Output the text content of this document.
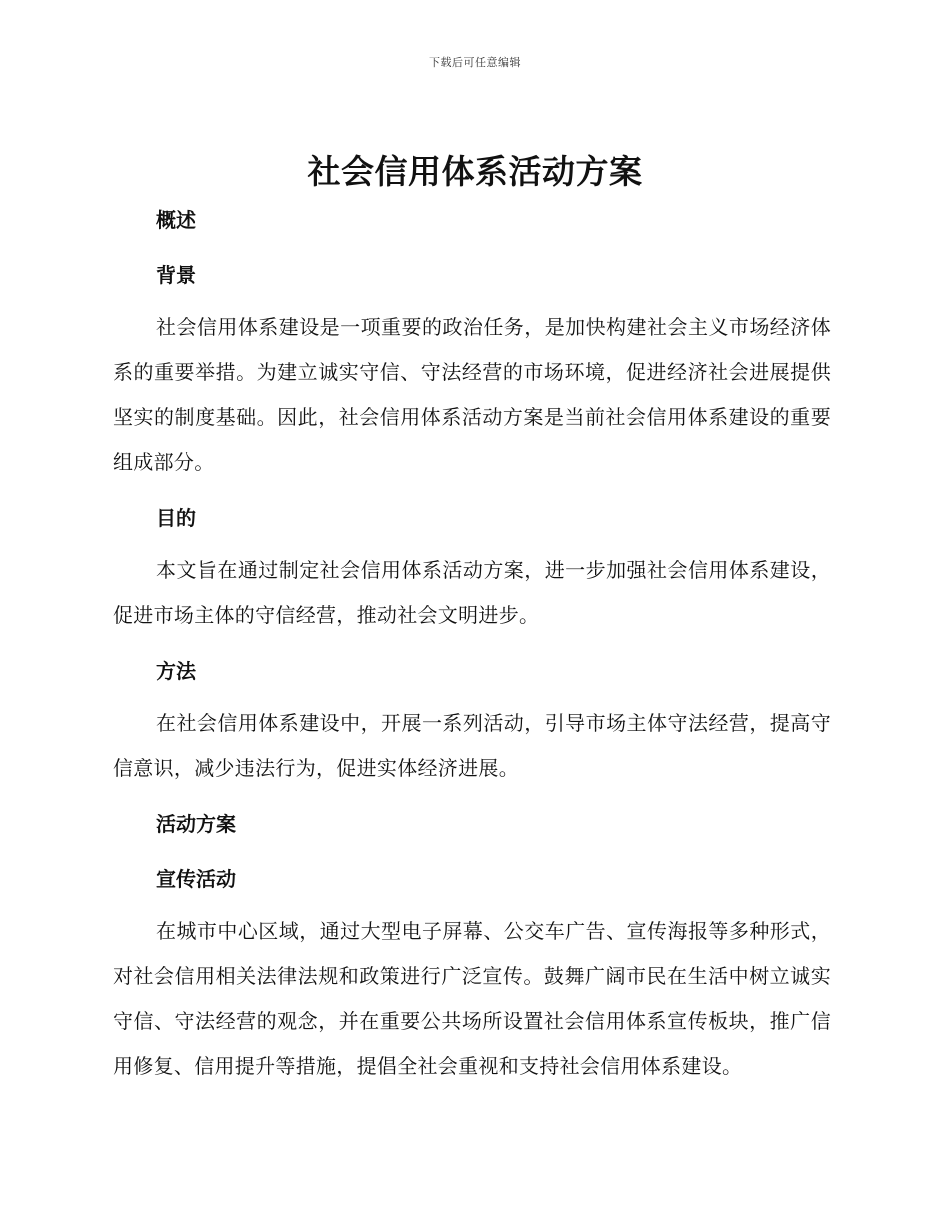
下载后可任意编辑
社会信用体系活动方案
概述
背景

社会信用体系建设是一项重要的政治任务，是加快构建社会主义市场经济体系的重要举措。为建立诚实守信、守法经营的市场环境，促进经济社会进展提供坚实的制度基础。因此，社会信用体系活动方案是当前社会信用体系建设的重要组成部分。

目的

本文旨在通过制定社会信用体系活动方案，进一步加强社会信用体系建设，促进市场主体的守信经营，推动社会文明进步。

方法

在社会信用体系建设中，开展一系列活动，引导市场主体守法经营，提高守信意识，减少违法行为，促进实体经济进展。

活动方案
宣传活动

在城市中心区域，通过大型电子屏幕、公交车广告、宣传海报等多种形式，对社会信用相关法律法规和政策进行广泛宣传。鼓舞广阔市民在生活中树立诚实守信、守法经营的观念，并在重要公共场所设置社会信用体系宣传板块，推广信用修复、信用提升等措施，提倡全社会重视和支持社会信用体系建设。
